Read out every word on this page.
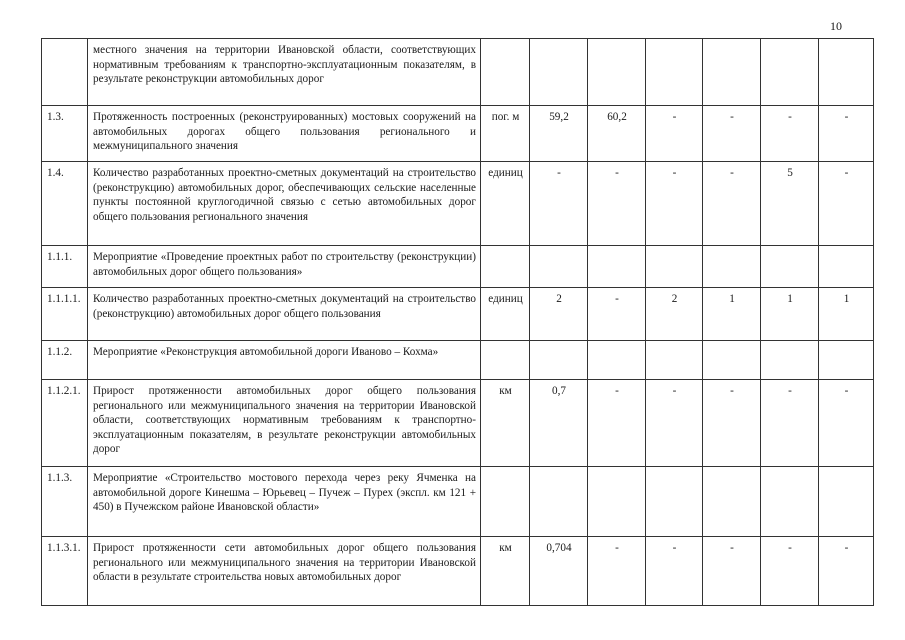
10
	местного значения на территории Ивановской области, соответствующих нормативным требованиям к транспортно-эксплуатационным показателям, в результате реконструкции автомобильных дорог							
1.3.	Протяженность построенных (реконструированных) мостовых сооружений на автомобильных дорогах общего пользования регионального и межмуниципального значения	пог. м	59,2	60,2	-	-	-	-
1.4.	Количество разработанных проектно-сметных документаций на строительство (реконструкцию) автомобильных дорог, обеспечивающих сельские населенные пункты постоянной круглогодичной связью с сетью автомобильных дорог общего пользования регионального значения	единиц	-	-	-	-	5	-
1.1.1.	Мероприятие «Проведение проектных работ по строительству (реконструкции) автомобильных дорог общего пользования»							
1.1.1.1.	Количество разработанных проектно-сметных документаций на строительство (реконструкцию) автомобильных дорог общего пользования	единиц	2	-	2	1	1	1
1.1.2.	Мероприятие «Реконструкция автомобильной дороги Иваново – Кохма»							
1.1.2.1.	Прирост протяженности автомобильных дорог общего пользования регионального или межмуниципального значения на территории Ивановской области, соответствующих нормативным требованиям к транспортно-эксплуатационным показателям, в результате реконструкции автомобильных дорог	км	0,7	-	-	-	-	-
1.1.3.	Мероприятие «Строительство мостового перехода через реку Ячменка на автомобильной дороге Кинешма – Юрьевец – Пучеж – Пурех (экспл. км 121 + 450) в Пучежском районе Ивановской области»							
1.1.3.1.	Прирост протяженности сети автомобильных дорог общего пользования регионального или межмуниципального значения на территории Ивановской области в результате строительства новых автомобильных дорог	км	0,704	-	-	-	-	-
